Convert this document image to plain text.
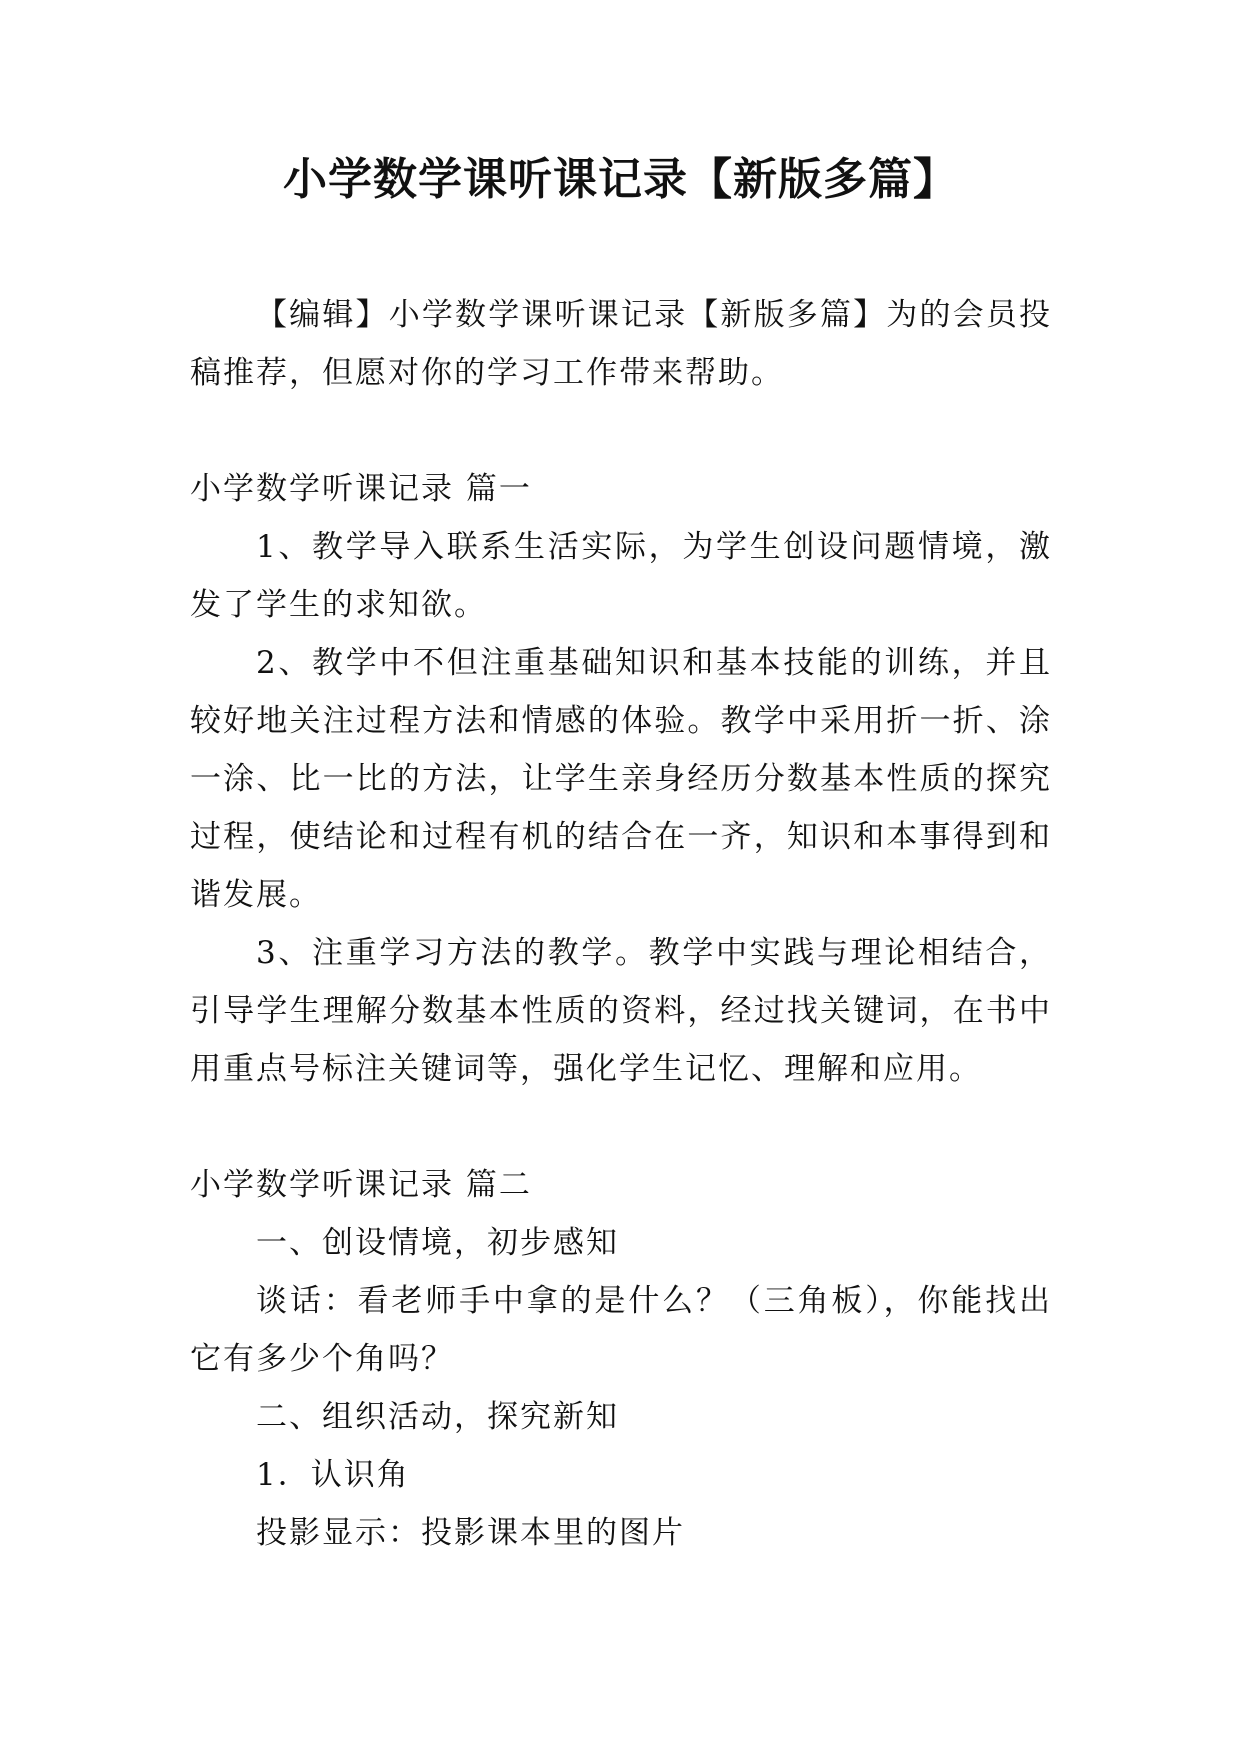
小学数学课听课记录【新版多篇】

【编辑】小学数学课听课记录【新版多篇】为的会员投稿推荐，但愿对你的学习工作带来帮助。

小学数学听课记录 篇一

1、教学导入联系生活实际，为学生创设问题情境，激发了学生的求知欲。

2、教学中不但注重基础知识和基本技能的训练，并且较好地关注过程方法和情感的体验。教学中采用折一折、涂一涂、比一比的方法，让学生亲身经历分数基本性质的探究过程，使结论和过程有机的结合在一齐，知识和本事得到和谐发展。

3、注重学习方法的教学。教学中实践与理论相结合，引导学生理解分数基本性质的资料，经过找关键词，在书中用重点号标注关键词等，强化学生记忆、理解和应用。

小学数学听课记录 篇二

一、创设情境，初步感知

谈话：看老师手中拿的是什么？（三角板），你能找出它有多少个角吗？

二、组织活动，探究新知

1．认识角

投影显示：投影课本里的图片
